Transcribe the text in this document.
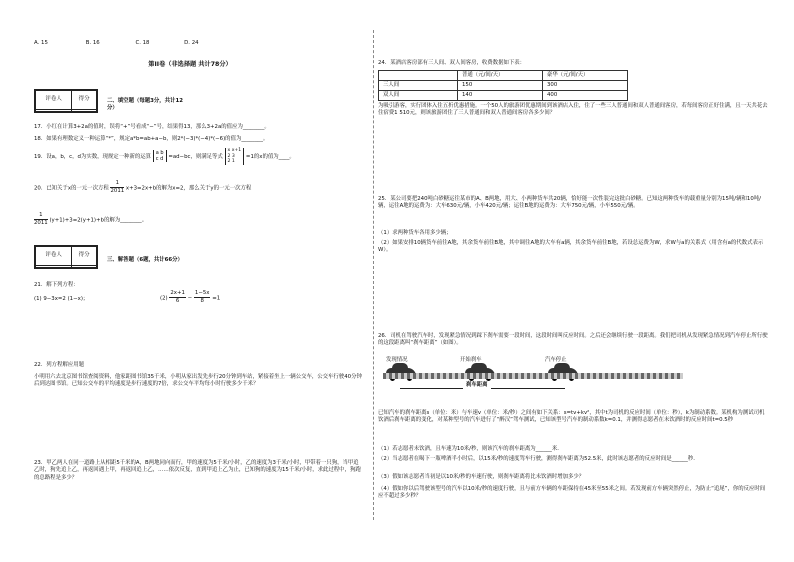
A. 15	B. 16	C. 18	D. 24
第II卷（非选择题 共计78分）
评卷人	得分
		二、填空题（每题3分，共计12
分）
17．小红在计算3+2a的值时，误将“+”号看成“−”号，结果得13，那么3+2a的值应为________。
18．如果有理数定义一种运算“*”，规定a*b=ab+a−b，则2*(−3)*(−4)*(−6)的值为________。
19．设a，b，c，d为实数，现规定一种新的运算 a b
c d =ad−bc，则满足等式 x x+1
2 3
2 1 =1的x的值为____。
20．已知关于x的一元一次方程 $\frac{1}{2011} x+3=2x+b$的解为x=2，那么关于y的一元一次方程
$\frac{1}{2011} (y+1)+3=2(y+1)+b$的解为________。
评卷人	得分

三、解答题（6题，共计66分）
21．解下列方程：
(1) 9−3x=2 (1−x)；	$(2) \frac{2x+1}{6} - \frac{1-5x}{8} =1$
22．列方程解应用题
小明用六去北京图书馆查阅资料，他家距图书馆35千米，小明从家出发先步行20分钟到车站，紧接着坐上一辆公交车，公交车行驶40分钟后到达图书馆。已知公交车的平均速度是步行速度的7倍，求公交车平均每小时行驶多少千米？
23．甲乙两人在同一道路上从相距5千米的A，B两地同向而行，甲的速度为5千米/小时，乙的速度为3千米/小时，甲带着一只狗，当甲追乙时，狗先追上乙，再返回遇上甲，再返回追上乙，……依次反复，直到甲追上乙为止，已知狗的速度为15千米/小时，求此过程中，狗跑的总路程是多少？
24．某酒店客房部有三人间、双人间客房，收费数据如下表：
	普通（元/间/天）	豪华（元/间/天）
三人间	150	300
双人间	140	400
为吸引游客，实行团体入住五折优惠措施。一个50人的旅游团优惠期间到该酒店入住，住了一些三人普通间和双人普通间客房，若每间客房正好住满，且一天共花去住宿费1 510元，则该旅游团住了三人普通间和双人普通间客房各多少间？
25．某公司要把240吨白砂糖运往某市的A、B两地，用大、小两种货车共20辆，恰好能一次性装完这批白砂糖。已知这两种货车的载重量分别为15吨/辆和10吨/辆，运往A地的运费为：大车630元/辆，小车420元/辆；运往B地的运费为：大车750元/辆，小车550元/辆。
（1）求两种货车各用多少辆；
（2）如果安排10辆货车前往A地，其余货车前往B地，其中调往A地的大车有a辆，其余货车前往B地，若设总运费为W，求W与a的关系式（用含有a的代数式表示W）。
26．司机在驾驶汽车时，发现紧急情况到踩下刹车需要一段时间，这段时间叫反应时间。之后还会继续行驶一段距离。我们把司机从发现紧急情况到汽车停止所行驶的这段距离叫“刹车距离”（如图）。
发现情况	开始刹车	汽车停止
刹车距离
已知汽车的刹车距离s（单位：米）与车速v（单位：米/秒）之间有如下关系：s=tv+kv²，其中t为司机的反应时间（单位：秒），k为制动系数。某机构为测试司机饮酒后刹车距离的变化，对某种型号的汽车进行了“醉汉”驾车测试，已知该型号汽车的制动系数k=0.1，并测得志愿者在未饮酒时的反应时间t=0.5秒
（1）若志愿者未饮酒，且车速为10米/秒，则该汽车的刹车距离为______米．
（2）当志愿者在喝下一瓶啤酒半小时后，以15米/秒的速度驾车行驶，测得刹车距离为52.5米，此时该志愿者的反应时间是______秒．
（3）假如该志愿者当初是以10米/秒的车速行驶，则刹车距离将比未饮酒时增加多少？
（4）假如你以后驾驶该型号的汽车以10米/秒的速度行驶，且与前方车辆的车距保持在45米至55米之间。若发现前方车辆突然停止，为防止“追尾”，你的反应时间应不超过多少秒？
